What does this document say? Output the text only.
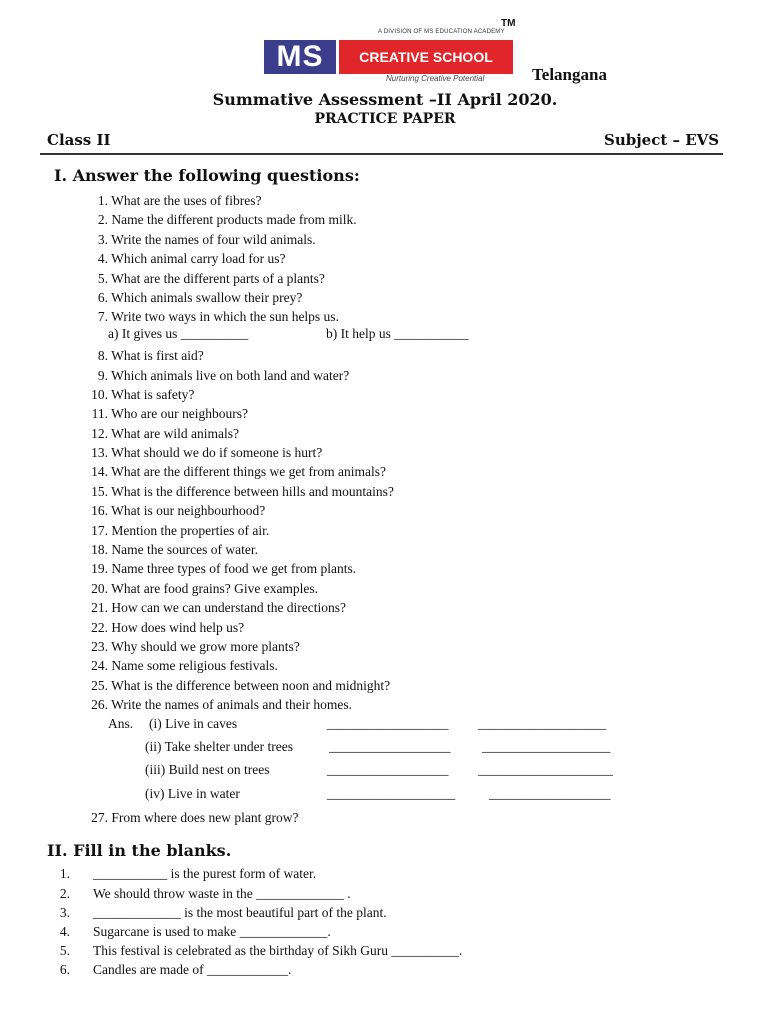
TM
A DIVISION OF MS EDUCATION ACADEMY
MS	CREATIVE SCHOOL
Nurturing Creative Potential	Telangana
Summative Assessment –II April 2020.
PRACTICE PAPER
Class II	Subject – EVS
I. Answer the following questions:
1. What are the uses of fibres?
2. Name the different products made from milk.
3. Write the names of four wild animals.
4. Which animal carry load for us?
5. What are the different parts of a plants?
6. Which animals swallow their prey?
7. Write two ways in which the sun helps us.
8. What is first aid?
9. Which animals live on both land and water?
10. What is safety?
11. Who are our neighbours?
12. What are wild animals?
13. What should we do if someone is hurt?
14. What are the different things we get from animals?
15. What is the difference between hills and mountains?
16. What is our neighbourhood?
17. Mention the properties of air.
18. Name the sources of water.
19. Name three types of food we get from plants.
20. What are food grains? Give examples.
21. How can we can understand the directions?
22. How does wind help us?
23. Why should we grow more plants?
24. Name some religious festivals.
25. What is the difference between noon and midnight?
26. Write the names of animals and their homes.
a) It gives us __________	b) It help us ___________
Ans. (i) Live in caves	__________________ ___________________
(ii) Take shelter under trees	__________________ ___________________
(iii) Build nest on trees	__________________ ____________________
(iv) Live in water	___________________	__________________
27. From where does new plant grow?
II. Fill in the blanks.
1. ___________ is the purest form of water.
2. We should throw waste in the _____________ .
3. _____________ is the most beautiful part of the plant.
4. Sugarcane is used to make _____________.
5. This festival is celebrated as the birthday of Sikh Guru __________.
6. Candles are made of ____________.
